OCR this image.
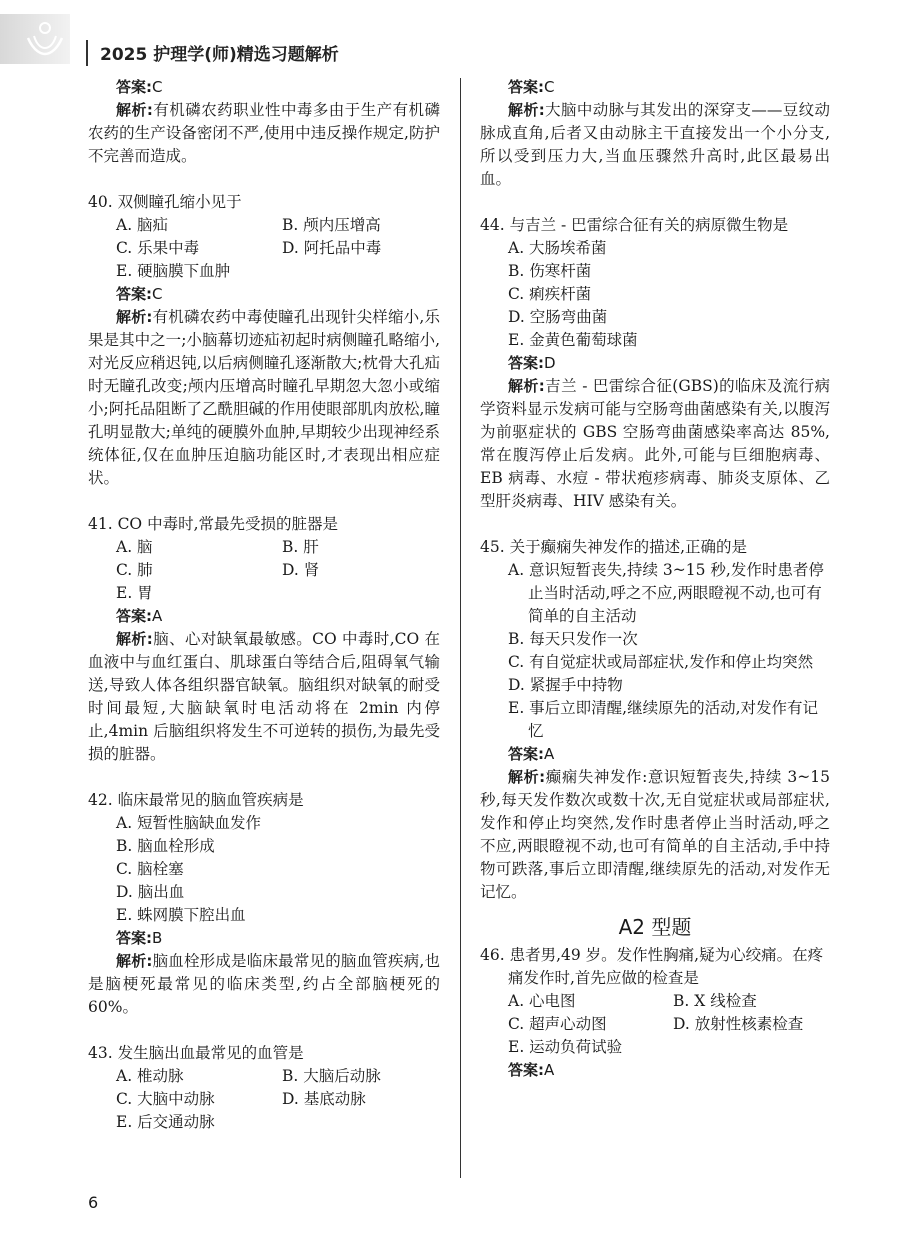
2025 护理学(师)精选习题解析
答案:C
解析:有机磷农药职业性中毒多由于生产有机磷农药的生产设备密闭不严,使用中违反操作规定,防护不完善而造成。
40. 双侧瞳孔缩小见于
A. 脑疝	B. 颅内压增高
C. 乐果中毒	D. 阿托品中毒
E. 硬脑膜下血肿
答案:C
解析:有机磷农药中毒使瞳孔出现针尖样缩小,乐果是其中之一;小脑幕切迹疝初起时病侧瞳孔略缩小,对光反应稍迟钝,以后病侧瞳孔逐渐散大;枕骨大孔疝时无瞳孔改变;颅内压增高时瞳孔早期忽大忽小或缩小;阿托品阻断了乙酰胆碱的作用使眼部肌肉放松,瞳孔明显散大;单纯的硬膜外血肿,早期较少出现神经系统体征,仅在血肿压迫脑功能区时,才表现出相应症状。
41. CO 中毒时,常最先受损的脏器是
A. 脑	B. 肝
C. 肺	D. 肾
E. 胃
答案:A
解析:脑、心对缺氧最敏感。CO 中毒时,CO 在血液中与血红蛋白、肌球蛋白等结合后,阻碍氧气输送,导致人体各组织器官缺氧。脑组织对缺氧的耐受时间最短,大脑缺氧时电活动将在 2min 内停止,4min 后脑组织将发生不可逆转的损伤,为最先受损的脏器。
42. 临床最常见的脑血管疾病是
A. 短暂性脑缺血发作
B. 脑血栓形成
C. 脑栓塞
D. 脑出血
E. 蛛网膜下腔出血
答案:B
解析:脑血栓形成是临床最常见的脑血管疾病,也是脑梗死最常见的临床类型,约占全部脑梗死的 60%。
43. 发生脑出血最常见的血管是
A. 椎动脉	B. 大脑后动脉
C. 大脑中动脉	D. 基底动脉
E. 后交通动脉
答案:C
解析:大脑中动脉与其发出的深穿支——豆纹动脉成直角,后者又由动脉主干直接发出一个小分支,所以受到压力大,当血压骤然升高时,此区最易出血。
44. 与吉兰 - 巴雷综合征有关的病原微生物是
A. 大肠埃希菌
B. 伤寒杆菌
C. 痢疾杆菌
D. 空肠弯曲菌
E. 金黄色葡萄球菌
答案:D
解析:吉兰 - 巴雷综合征(GBS)的临床及流行病学资料显示发病可能与空肠弯曲菌感染有关,以腹泻为前驱症状的 GBS 空肠弯曲菌感染率高达 85%,常在腹泻停止后发病。此外,可能与巨细胞病毒、EB 病毒、水痘 - 带状疱疹病毒、肺炎支原体、乙型肝炎病毒、HIV 感染有关。
45. 关于癫痫失神发作的描述,正确的是
A. 意识短暂丧失,持续 3~15 秒,发作时患者停止当时活动,呼之不应,两眼瞪视不动,也可有简单的自主活动
B. 每天只发作一次
C. 有自觉症状或局部症状,发作和停止均突然
D. 紧握手中持物
E. 事后立即清醒,继续原先的活动,对发作有记忆
答案:A
解析:癫痫失神发作:意识短暂丧失,持续 3~15 秒,每天发作数次或数十次,无自觉症状或局部症状,发作和停止均突然,发作时患者停止当时活动,呼之不应,两眼瞪视不动,也可有简单的自主活动,手中持物可跌落,事后立即清醒,继续原先的活动,对发作无记忆。
A2 型题
46. 患者男,49 岁。发作性胸痛,疑为心绞痛。在疼痛发作时,首先应做的检查是
A. 心电图	B. X 线检查
C. 超声心动图	D. 放射性核素检查
E. 运动负荷试验
答案:A
6
